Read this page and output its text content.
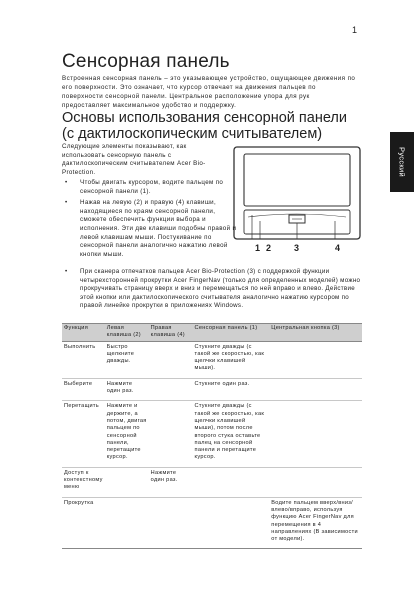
1
Сенсорная панель
Встроенная сенсорная панель – это указывающее устройство, ощущающее движения по его поверхности. Это означает, что курсор отвечает на движения пальцев по поверхности сенсорной панели. Центральное расположение упора для рук предоставляет максимальное удобство и поддержку.
Основы использования сенсорной панели (с дактилоскопическим считывателем)
Русский
Следующие элементы показывают, как использовать сенсорную панель с дактилоскопическим считывателем Acer Bio-Protection.
• Чтобы двигать курсором, водите пальцем по сенсорной панели (1).
• Нажав на левую (2) и правую (4) клавиши, находящиеся по краям сенсорной панели, сможете обеспечить функции выбора и исполнения. Эти две клавиши подобны правой и левой клавишам мыши. Постукивание по сенсорной панели аналогично нажатию левой кнопки мыши.
1 2	3	4
• При сканера отпечатков пальцев Acer Bio-Protection (3) с поддержкой функции четырехсторонней прокрутки Acer FingerNav (только для определенных моделей) можно прокручивать страницу вверх и вниз и перемещаться по ней вправо и влево. Действие этой кнопки или дактилоскопического считывателя аналогично нажатию курсором по правой линейке прокрутки в приложениях Windows.
Функция	Левая клавиша (2)	Правая клавиша (4)	Сенсорная панель (1)	Центральная кнопка (3)
Выполнить	Быстро щелкните дважды.		Стукните дважды (с такой же скоростью, как щелчки клавишей мыши).	
Выберите	Нажмите один раз.		Стукните один раз.	
Перетащить	Нажмите и держите, а потом, двигая пальцем по сенсорной панели, перетащите курсор.		Стукните дважды (с такой же скоростью, как щелчки клавишей мыши), потом после второго стука оставьте палец на сенсорной панели и перетащите курсор.	
Доступ к контекстному меню		Нажмите один раз.		
Прокрутка				Водите пальцем вверх/вниз/влево/вправо, используя функцию Acer FingerNav для перемещения в 4 направлениях (В зависимости от модели).
